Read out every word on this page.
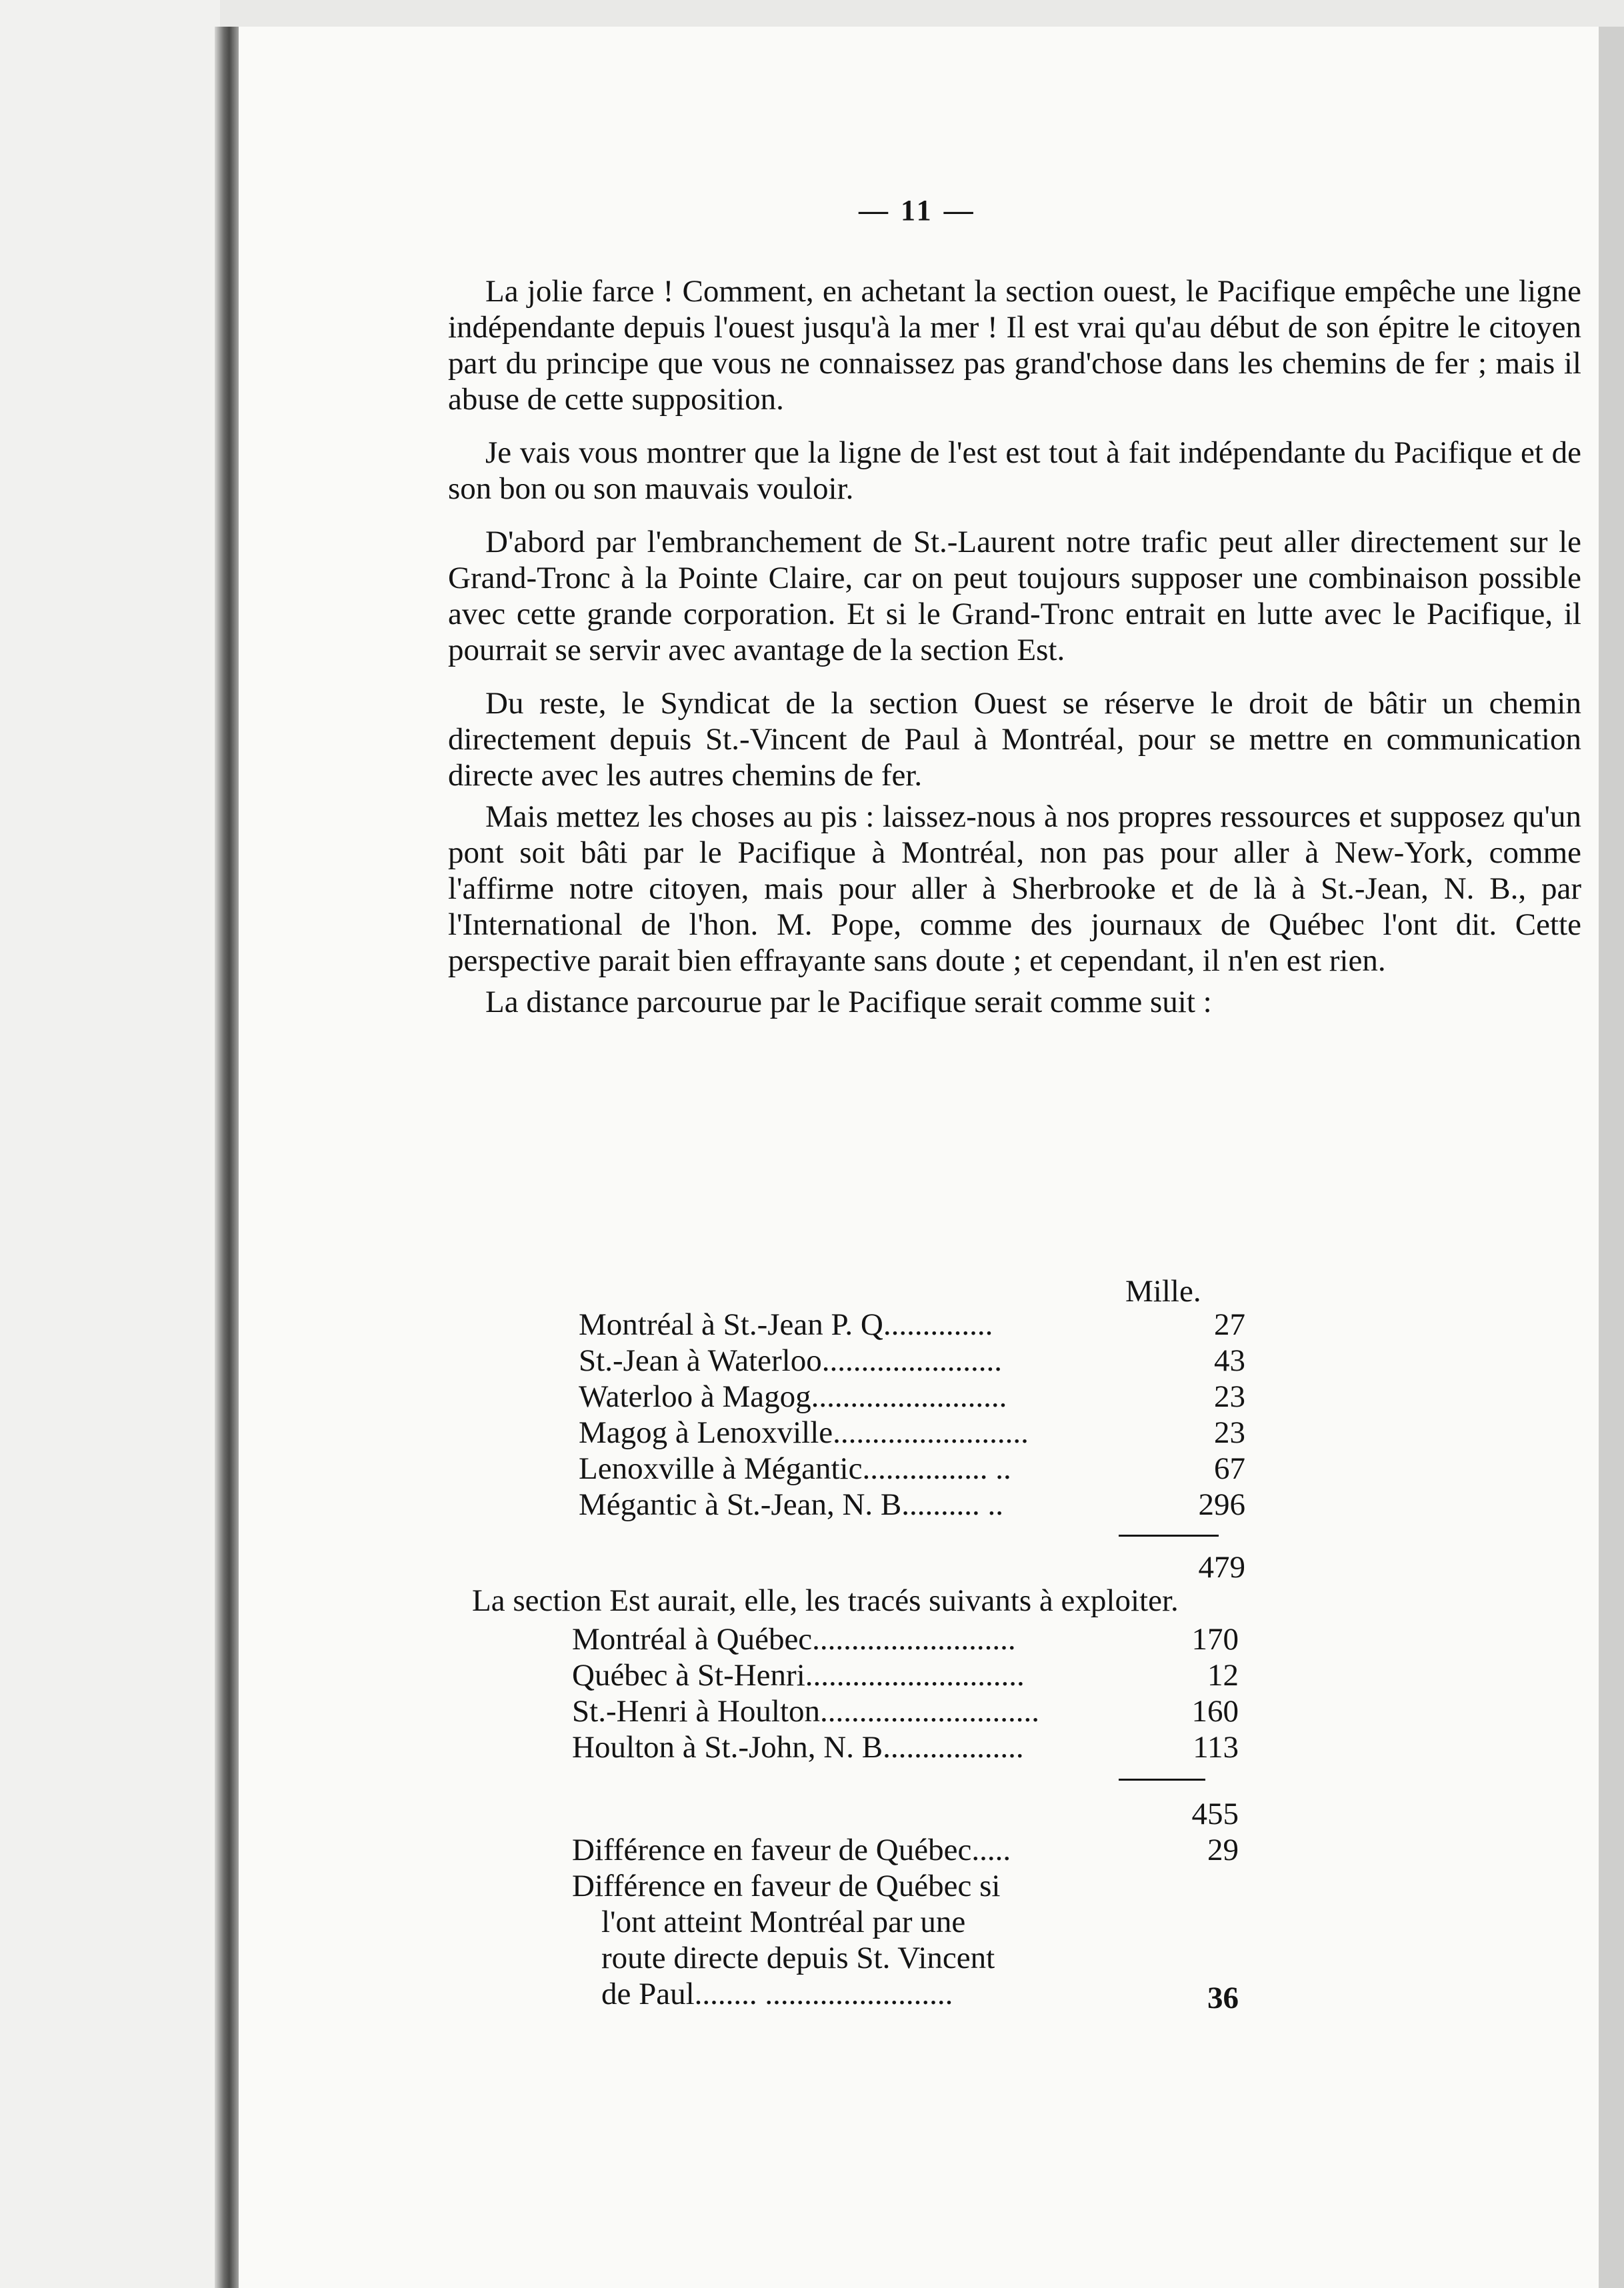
— 11 —

La jolie farce ! Comment, en achetant la section ouest, le Pacifique empêche une ligne indépendante depuis l'ouest jusqu'à la mer ! Il est vrai qu'au début de son épitre le citoyen part du principe que vous ne connaissez pas grand'chose dans les chemins de fer ; mais il abuse de cette supposition.

Je vais vous montrer que la ligne de l'est est tout à fait indépendante du Pacifique et de son bon ou son mauvais vouloir.

D'abord par l'embranchement de St.-Laurent notre trafic peut aller directement sur le Grand-Tronc à la Pointe Claire, car on peut toujours supposer une combinaison possible avec cette grande corporation. Et si le Grand-Tronc entrait en lutte avec le Pacifique, il pourrait se servir avec avantage de la section Est.

Du reste, le Syndicat de la section Ouest se réserve le droit de bâtir un chemin directement depuis St.-Vincent de Paul à Montréal, pour se mettre en communication directe avec les autres chemins de fer.

Mais mettez les choses au pis : laissez-nous à nos propres ressources et supposez qu'un pont soit bâti par le Pacifique à Montréal, non pas pour aller à New-York, comme l'affirme notre citoyen, mais pour aller à Sherbrooke et de là à St.-Jean, N. B., par l'International de l'hon. M. Pope, comme des journaux de Québec l'ont dit. Cette perspective parait bien effrayante sans doute ; et cependant, il n'en est rien.

La distance parcourue par le Pacifique serait comme suit :

Mille.
Montréal à St.-Jean P. Q..............	27
St.-Jean à Waterloo.......................	43
Waterloo à Magog.........................	23
Magog à Lenoxville.........................	23
Lenoxville à Mégantic................ ..	67
Mégantic à St.-Jean, N. B.......... ..	296
479
La section Est aurait, elle, les tracés suivants à exploiter.
Montréal à Québec..........................	170
Québec à St-Henri............................	12
St.-Henri à Houlton............................	160
Houlton à St.-John, N. B..................	113
455
Différence en faveur de Québec.....	29
Différence en faveur de Québec si
l'ont atteint Montréal par une
route directe depuis St. Vincent
de Paul........ ........................	36
